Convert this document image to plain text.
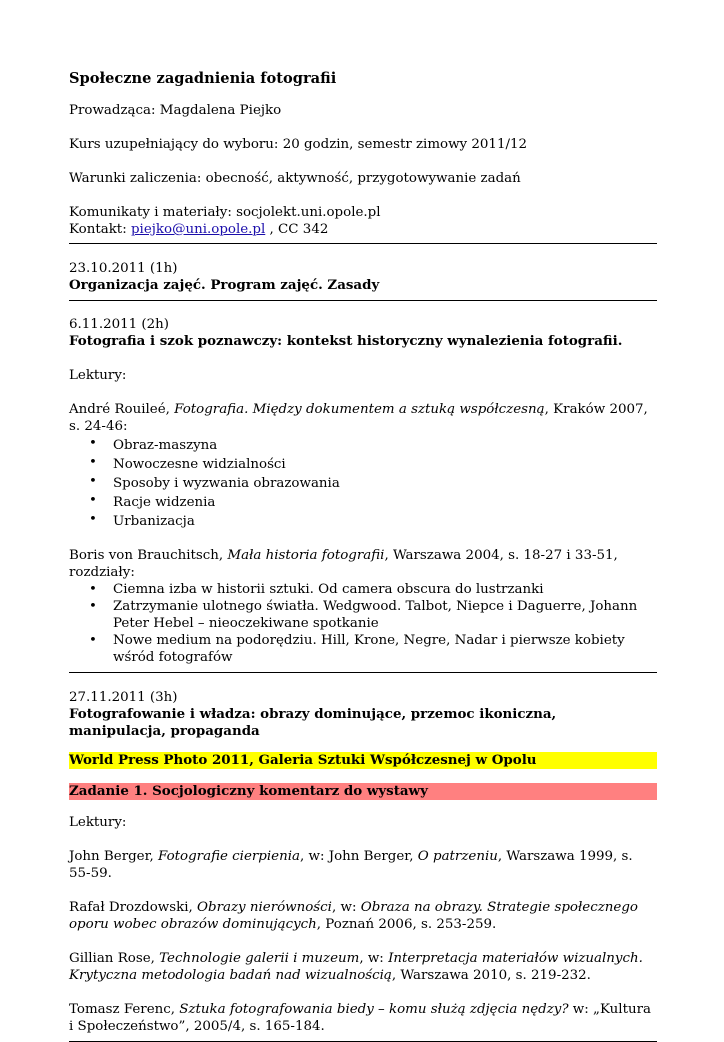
Społeczne zagadnienia fotografii

Prowadząca: Magdalena Piejko

Kurs uzupełniający do wyboru: 20 godzin, semestr zimowy 2011/12

Warunki zaliczenia: obecność, aktywność, przygotowywanie zadań

Komunikaty i materiały: socjolekt.uni.opole.pl

Kontakt: piejko@uni.opole.pl , CC 342

23.10.2011 (1h)

Organizacja zajęć. Program zajęć. Zasady

6.11.2011 (2h)

Fotografia i szok poznawczy: kontekst historyczny wynalezienia fotografii.

Lektury:

André Rouileé, Fotografia. Między dokumentem a sztuką współczesną, Kraków 2007, s. 24-46:

• Obraz-maszyna
• Nowoczesne widzialności
• Sposoby i wyzwania obrazowania
• Racje widzenia
• Urbanizacja

Boris von Brauchitsch, Mała historia fotografii, Warszawa 2004, s. 18-27 i 33-51, rozdziały:

• Ciemna izba w historii sztuki. Od camera obscura do lustrzanki
• Zatrzymanie ulotnego światła. Wedgwood. Talbot, Niepce i Daguerre, Johann Peter Hebel – nieoczekiwane spotkanie
• Nowe medium na podorędziu. Hill, Krone, Negre, Nadar i pierwsze kobiety wśród fotografów

27.11.2011 (3h)

Fotografowanie i władza: obrazy dominujące, przemoc ikoniczna, manipulacja, propaganda

World Press Photo 2011, Galeria Sztuki Współczesnej w Opolu

Zadanie 1. Socjologiczny komentarz do wystawy

Lektury:

John Berger, Fotografie cierpienia, w: John Berger, O patrzeniu, Warszawa 1999, s. 55-59.

Rafał Drozdowski, Obrazy nierówności, w: Obraza na obrazy. Strategie społecznego oporu wobec obrazów dominujących, Poznań 2006, s. 253-259.

Gillian Rose, Technologie galerii i muzeum, w: Interpretacja materiałów wizualnych. Krytyczna metodologia badań nad wizualnością, Warszawa 2010, s. 219-232.

Tomasz Ferenc, Sztuka fotografowania biedy – komu służą zdjęcia nędzy? w: „Kultura i Społeczeństwo”, 2005/4, s. 165-184.
